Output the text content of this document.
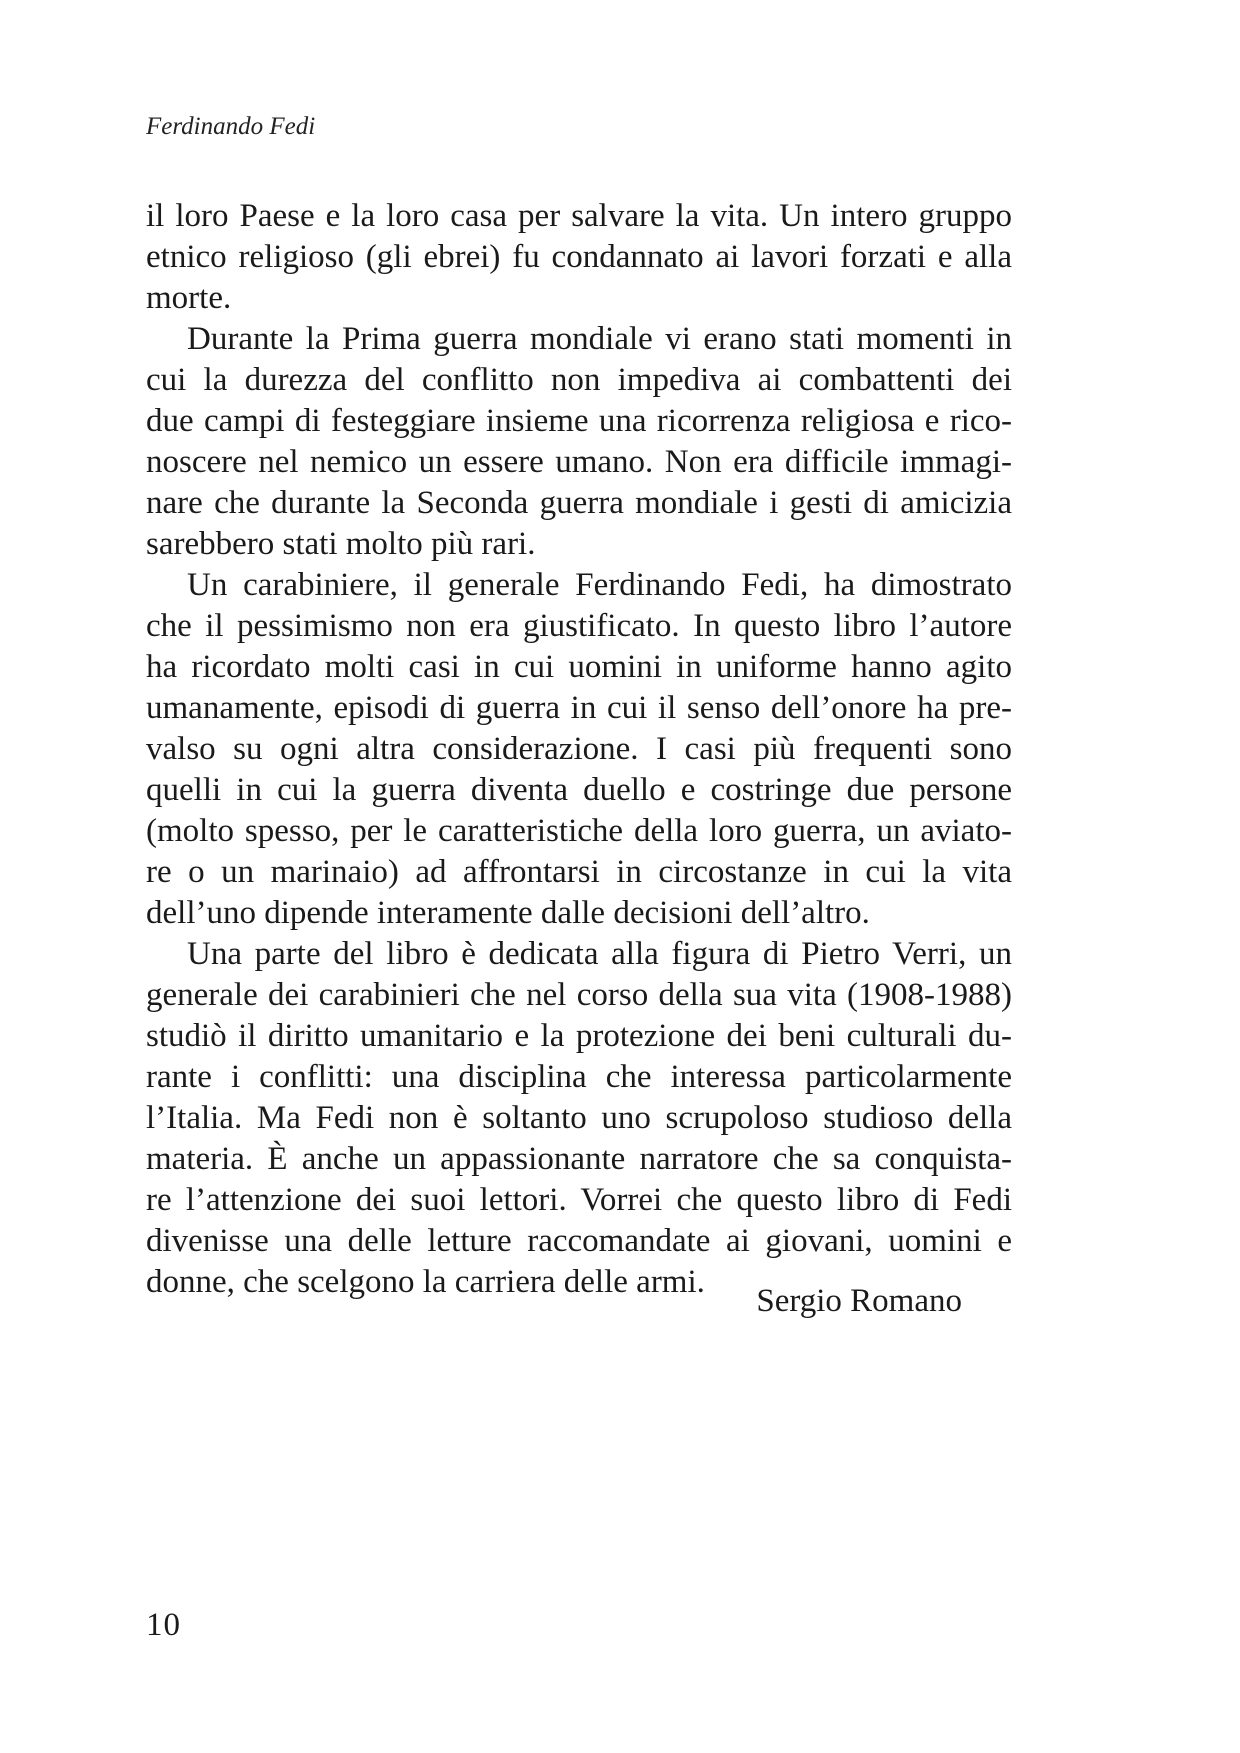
Ferdinando Fedi
il loro Paese e la loro casa per salvare la vita. Un intero gruppo
etnico religioso (gli ebrei) fu condannato ai lavori forzati e alla
morte.
Durante la Prima guerra mondiale vi erano stati momenti in
cui la durezza del conflitto non impediva ai combattenti dei
due campi di festeggiare insieme una ricorrenza religiosa e rico-
noscere nel nemico un essere umano. Non era difficile immagi-
nare che durante la Seconda guerra mondiale i gesti di amicizia
sarebbero stati molto più rari.
Un carabiniere, il generale Ferdinando Fedi, ha dimostrato
che il pessimismo non era giustificato. In questo libro l’autore
ha ricordato molti casi in cui uomini in uniforme hanno agito
umanamente, episodi di guerra in cui il senso dell’onore ha pre-
valso su ogni altra considerazione. I casi più frequenti sono
quelli in cui la guerra diventa duello e costringe due persone
(molto spesso, per le caratteristiche della loro guerra, un aviato-
re o un marinaio) ad affrontarsi in circostanze in cui la vita
dell’uno dipende interamente dalle decisioni dell’altro.
Una parte del libro è dedicata alla figura di Pietro Verri, un
generale dei carabinieri che nel corso della sua vita (1908-1988)
studiò il diritto umanitario e la protezione dei beni culturali du-
rante i conflitti: una disciplina che interessa particolarmente
l’Italia. Ma Fedi non è soltanto uno scrupoloso studioso della
materia. È anche un appassionante narratore che sa conquista-
re l’attenzione dei suoi lettori. Vorrei che questo libro di Fedi
divenisse una delle letture raccomandate ai giovani, uomini e
donne, che scelgono la carriera delle armi.
Sergio Romano
10
